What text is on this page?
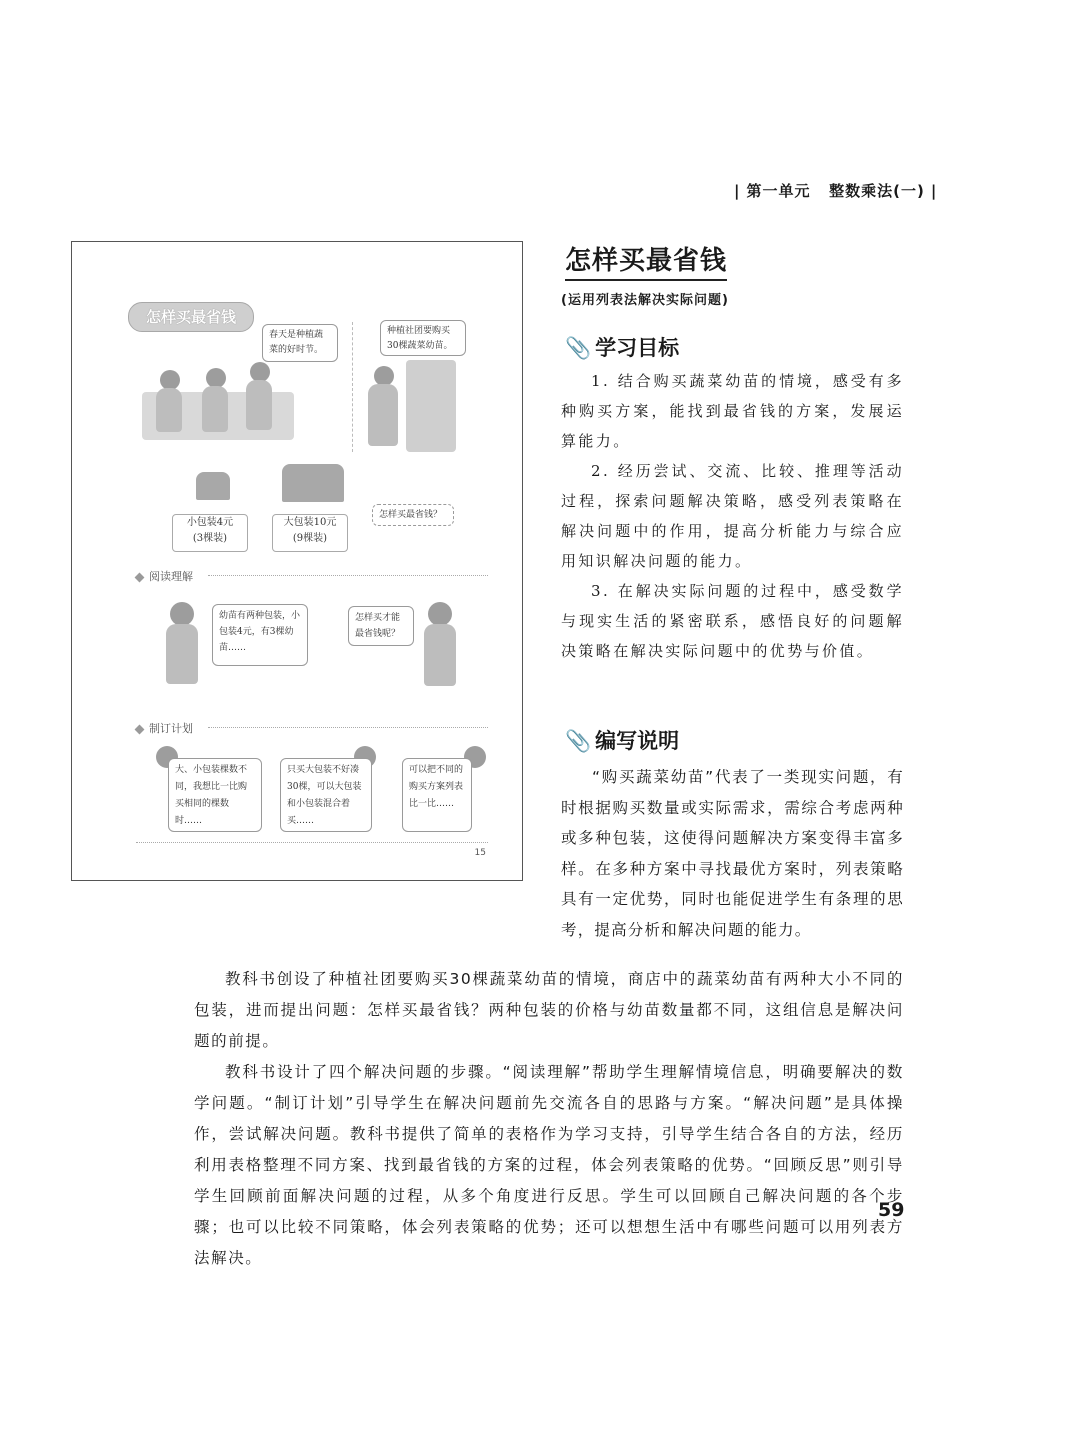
| 第一单元 整数乘法(一) |
怎样买最省钱
春天是种植蔬菜的好时节。
种植社团要购买30棵蔬菜幼苗。
小包装4元
(3棵装)
大包装10元
(9棵装)
怎样买最省钱？
阅读理解
幼苗有两种包装，小包装4元，有3棵幼苗……
怎样买才能最省钱呢？
制订计划
大、小包装棵数不同，我想比一比购买相同的棵数时……
只买大包装不好凑30棵，可以大包装和小包装混合着买……
可以把不同的购买方案列表比一比……
15
怎样买最省钱
(运用列表法解决实际问题)
📎 学习目标

1. 结合购买蔬菜幼苗的情境，感受有多种购买方案，能找到最省钱的方案，发展运算能力。

2. 经历尝试、交流、比较、推理等活动过程，探索问题解决策略，感受列表策略在解决问题中的作用，提高分析能力与综合应用知识解决问题的能力。

3. 在解决实际问题的过程中，感受数学与现实生活的紧密联系，感悟良好的问题解决策略在解决实际问题中的优势与价值。

📎 编写说明

“购买蔬菜幼苗”代表了一类现实问题，有时根据购买数量或实际需求，需综合考虑两种或多种包装，这使得问题解决方案变得丰富多样。在多种方案中寻找最优方案时，列表策略具有一定优势，同时也能促进学生有条理的思考，提高分析和解决问题的能力。

教科书创设了种植社团要购买30棵蔬菜幼苗的情境，商店中的蔬菜幼苗有两种大小不同的包装，进而提出问题：怎样买最省钱？两种包装的价格与幼苗数量都不同，这组信息是解决问题的前提。

教科书设计了四个解决问题的步骤。“阅读理解”帮助学生理解情境信息，明确要解决的数学问题。“制订计划”引导学生在解决问题前先交流各自的思路与方案。“解决问题”是具体操作，尝试解决问题。教科书提供了简单的表格作为学习支持，引导学生结合各自的方法，经历利用表格整理不同方案、找到最省钱的方案的过程，体会列表策略的优势。“回顾反思”则引导学生回顾前面解决问题的过程，从多个角度进行反思。学生可以回顾自己解决问题的各个步骤；也可以比较不同策略，体会列表策略的优势；还可以想想生活中有哪些问题可以用列表方法解决。

59
